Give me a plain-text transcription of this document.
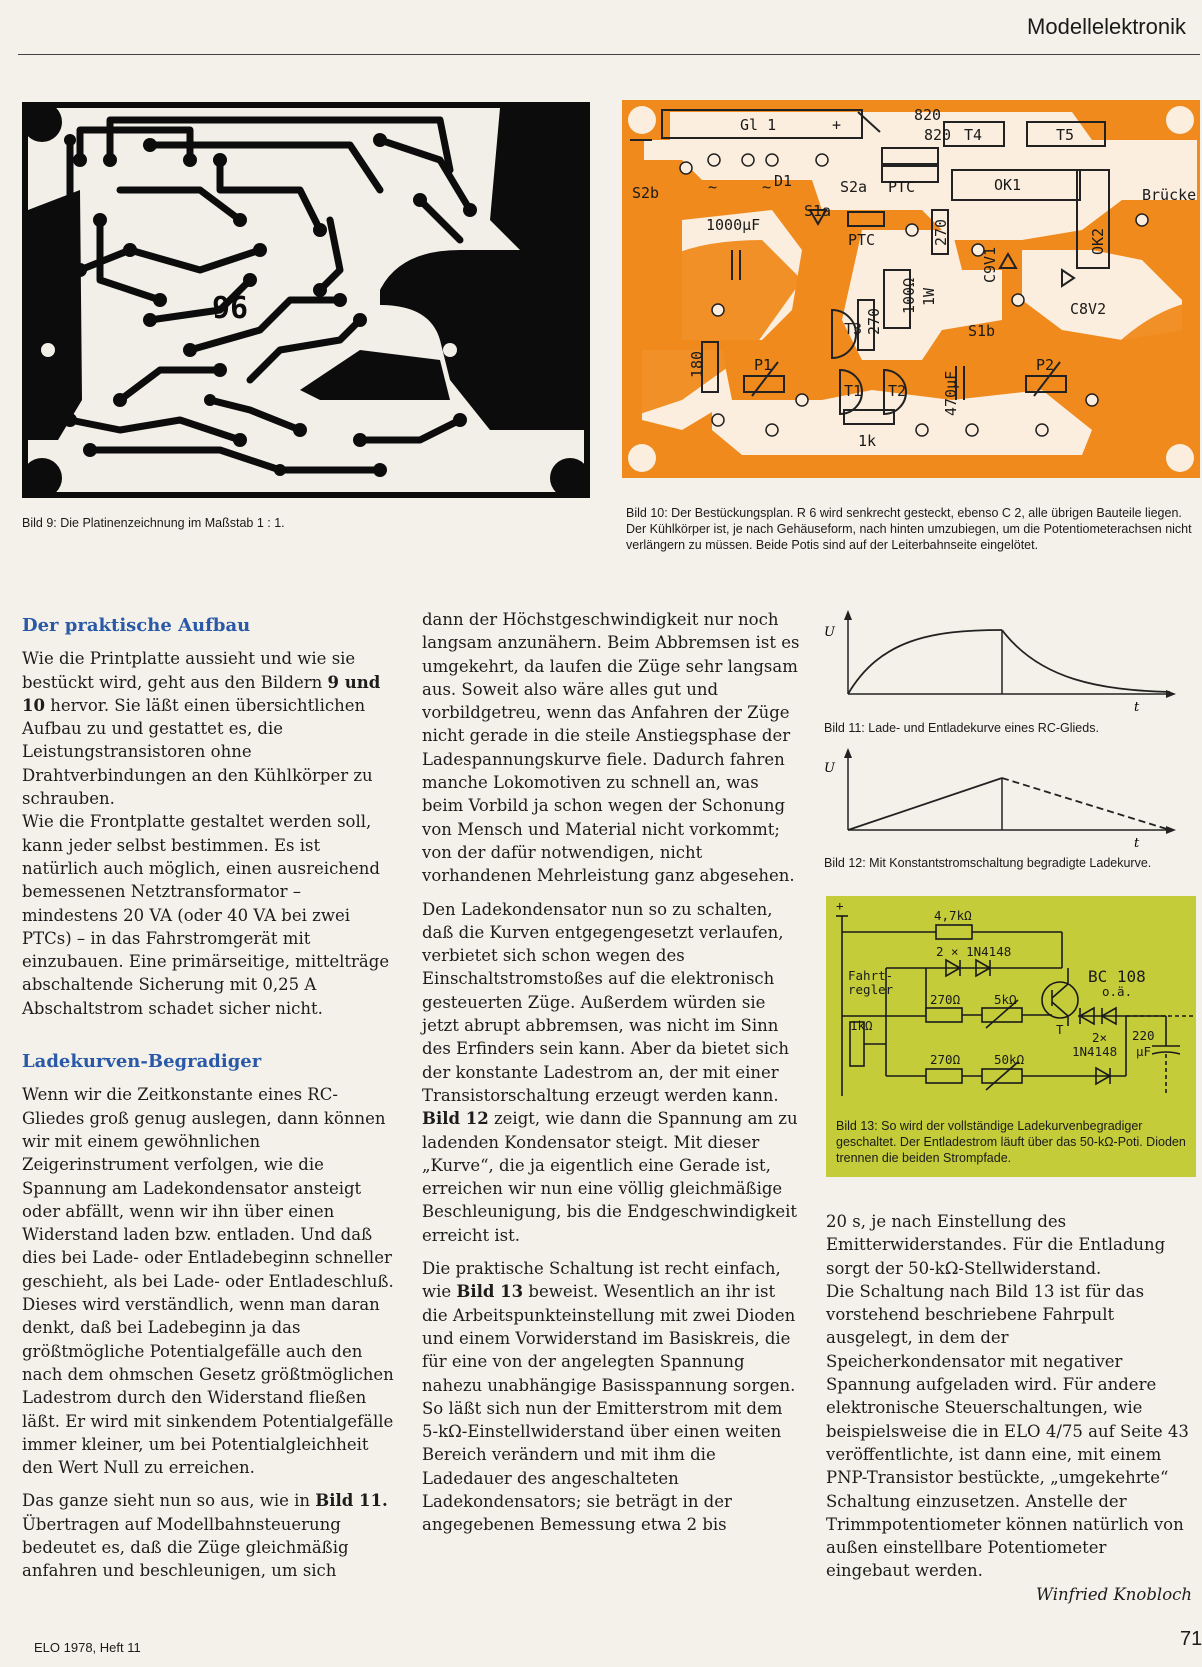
Modellelektronik
96
Bild 9: Die Platinenzeichnung im Maßstab 1 : 1.
Gl 1	+
820
820 T4	T5
S2b	~	~ D1	S2a PTC	OK1
Brücke
S1a
1000µF
PTC	270
C9V1
OK2
C8V2
100Ω 1W
T3 270	S1b
180	P1
T1 T2 470µF
P2
1k
Bild 10: Der Bestückungsplan. R 6 wird senkrecht gesteckt, ebenso C 2, alle übrigen Bauteile liegen. Der Kühlkörper ist, je nach Gehäuseform, nach hinten umzubiegen, um die Potentiometerachsen nicht verlängern zu müssen. Beide Potis sind auf der Leiterbahnseite eingelötet.
U
t
Bild 11: Lade- und Entladekurve eines RC-Glieds.
U
t
Bild 12: Mit Konstantstromschaltung begradigte Ladekurve.
+
4,7kΩ
2 × 1N4148
Fahrt-
regler
1kΩ
BC 108
o.ä.
270Ω	5kΩ
T
2×
1N4148
220
µF
270Ω	50kΩ
Bild 13: So wird der vollständige Ladekurvenbegradiger geschaltet. Der Entladestrom läuft über das 50-kΩ-Poti. Dioden trennen die beiden Strompfade.

Der praktische Aufbau

Wie die Printplatte aussieht und wie sie bestückt wird, geht aus den Bildern 9 und 10 hervor. Sie läßt einen übersichtlichen Aufbau zu und gestattet es, die Leistungstransistoren ohne Drahtverbindungen an den Kühlkörper zu schrauben.

Wie die Frontplatte gestaltet werden soll, kann jeder selbst bestimmen. Es ist natürlich auch möglich, einen ausreichend bemessenen Netztransformator – mindestens 20 VA (oder 40 VA bei zwei PTCs) – in das Fahrstromgerät mit einzubauen. Eine primärseitige, mittelträge abschaltende Sicherung mit 0,25 A Abschaltstrom schadet sicher nicht.

Ladekurven-Begradiger

Wenn wir die Zeitkonstante eines RC-Gliedes groß genug auslegen, dann können wir mit einem gewöhnlichen Zeigerinstrument verfolgen, wie die Spannung am Ladekondensator ansteigt oder abfällt, wenn wir ihn über einen Widerstand laden bzw. entladen. Und daß dies bei Lade- oder Entladebeginn schneller geschieht, als bei Lade- oder Entladeschluß. Dieses wird verständlich, wenn man daran denkt, daß bei Ladebeginn ja das größtmögliche Potentialgefälle auch den nach dem ohmschen Gesetz größtmöglichen Ladestrom durch den Widerstand fließen läßt. Er wird mit sinkendem Potentialgefälle immer kleiner, um bei Potentialgleichheit den Wert Null zu erreichen.

Das ganze sieht nun so aus, wie in Bild 11. Übertragen auf Modellbahnsteuerung bedeutet es, daß die Züge gleichmäßig anfahren und beschleunigen, um sich

dann der Höchstgeschwindigkeit nur noch langsam anzunähern. Beim Abbremsen ist es umgekehrt, da laufen die Züge sehr langsam aus. Soweit also wäre alles gut und vorbildgetreu, wenn das Anfahren der Züge nicht gerade in die steile Anstiegsphase der Ladespannungskurve fiele. Dadurch fahren manche Lokomotiven zu schnell an, was beim Vorbild ja schon wegen der Schonung von Mensch und Material nicht vorkommt; von der dafür notwendigen, nicht vorhandenen Mehrleistung ganz abgesehen.

Den Ladekondensator nun so zu schalten, daß die Kurven entgegengesetzt verlaufen, verbietet sich schon wegen des Einschaltstromstoßes auf die elektronisch gesteuerten Züge. Außerdem würden sie jetzt abrupt abbremsen, was nicht im Sinn des Erfinders sein kann. Aber da bietet sich der konstante Ladestrom an, der mit einer Transistorschaltung erzeugt werden kann. Bild 12 zeigt, wie dann die Spannung am zu ladenden Kondensator steigt. Mit dieser „Kurve“, die ja eigentlich eine Gerade ist, erreichen wir nun eine völlig gleichmäßige Beschleunigung, bis die Endgeschwindigkeit erreicht ist.

Die praktische Schaltung ist recht einfach, wie Bild 13 beweist. Wesentlich an ihr ist die Arbeitspunkteinstellung mit zwei Dioden und einem Vorwiderstand im Basiskreis, die für eine von der angelegten Spannung nahezu unabhängige Basisspannung sorgen. So läßt sich nun der Emitterstrom mit dem 5-kΩ-Einstellwiderstand über einen weiten Bereich verändern und mit ihm die Ladedauer des angeschalteten Ladekondensators; sie beträgt in der angegebenen Bemessung etwa 2 bis

20 s, je nach Einstellung des Emitterwiderstandes. Für die Entladung sorgt der 50-kΩ-Stellwiderstand.

Die Schaltung nach Bild 13 ist für das vorstehend beschriebene Fahrpult ausgelegt, in dem der Speicherkondensator mit negativer Spannung aufgeladen wird. Für andere elektronische Steuerschaltungen, wie beispielsweise die in ELO 4/75 auf Seite 43 veröffentlichte, ist dann eine, mit einem PNP-Transistor bestückte, „umgekehrte“ Schaltung einzusetzen. Anstelle der Trimmpotentiometer können natürlich von außen einstellbare Potentiometer eingebaut werden.

Winfried Knobloch

ELO 1978, Heft 11	71
